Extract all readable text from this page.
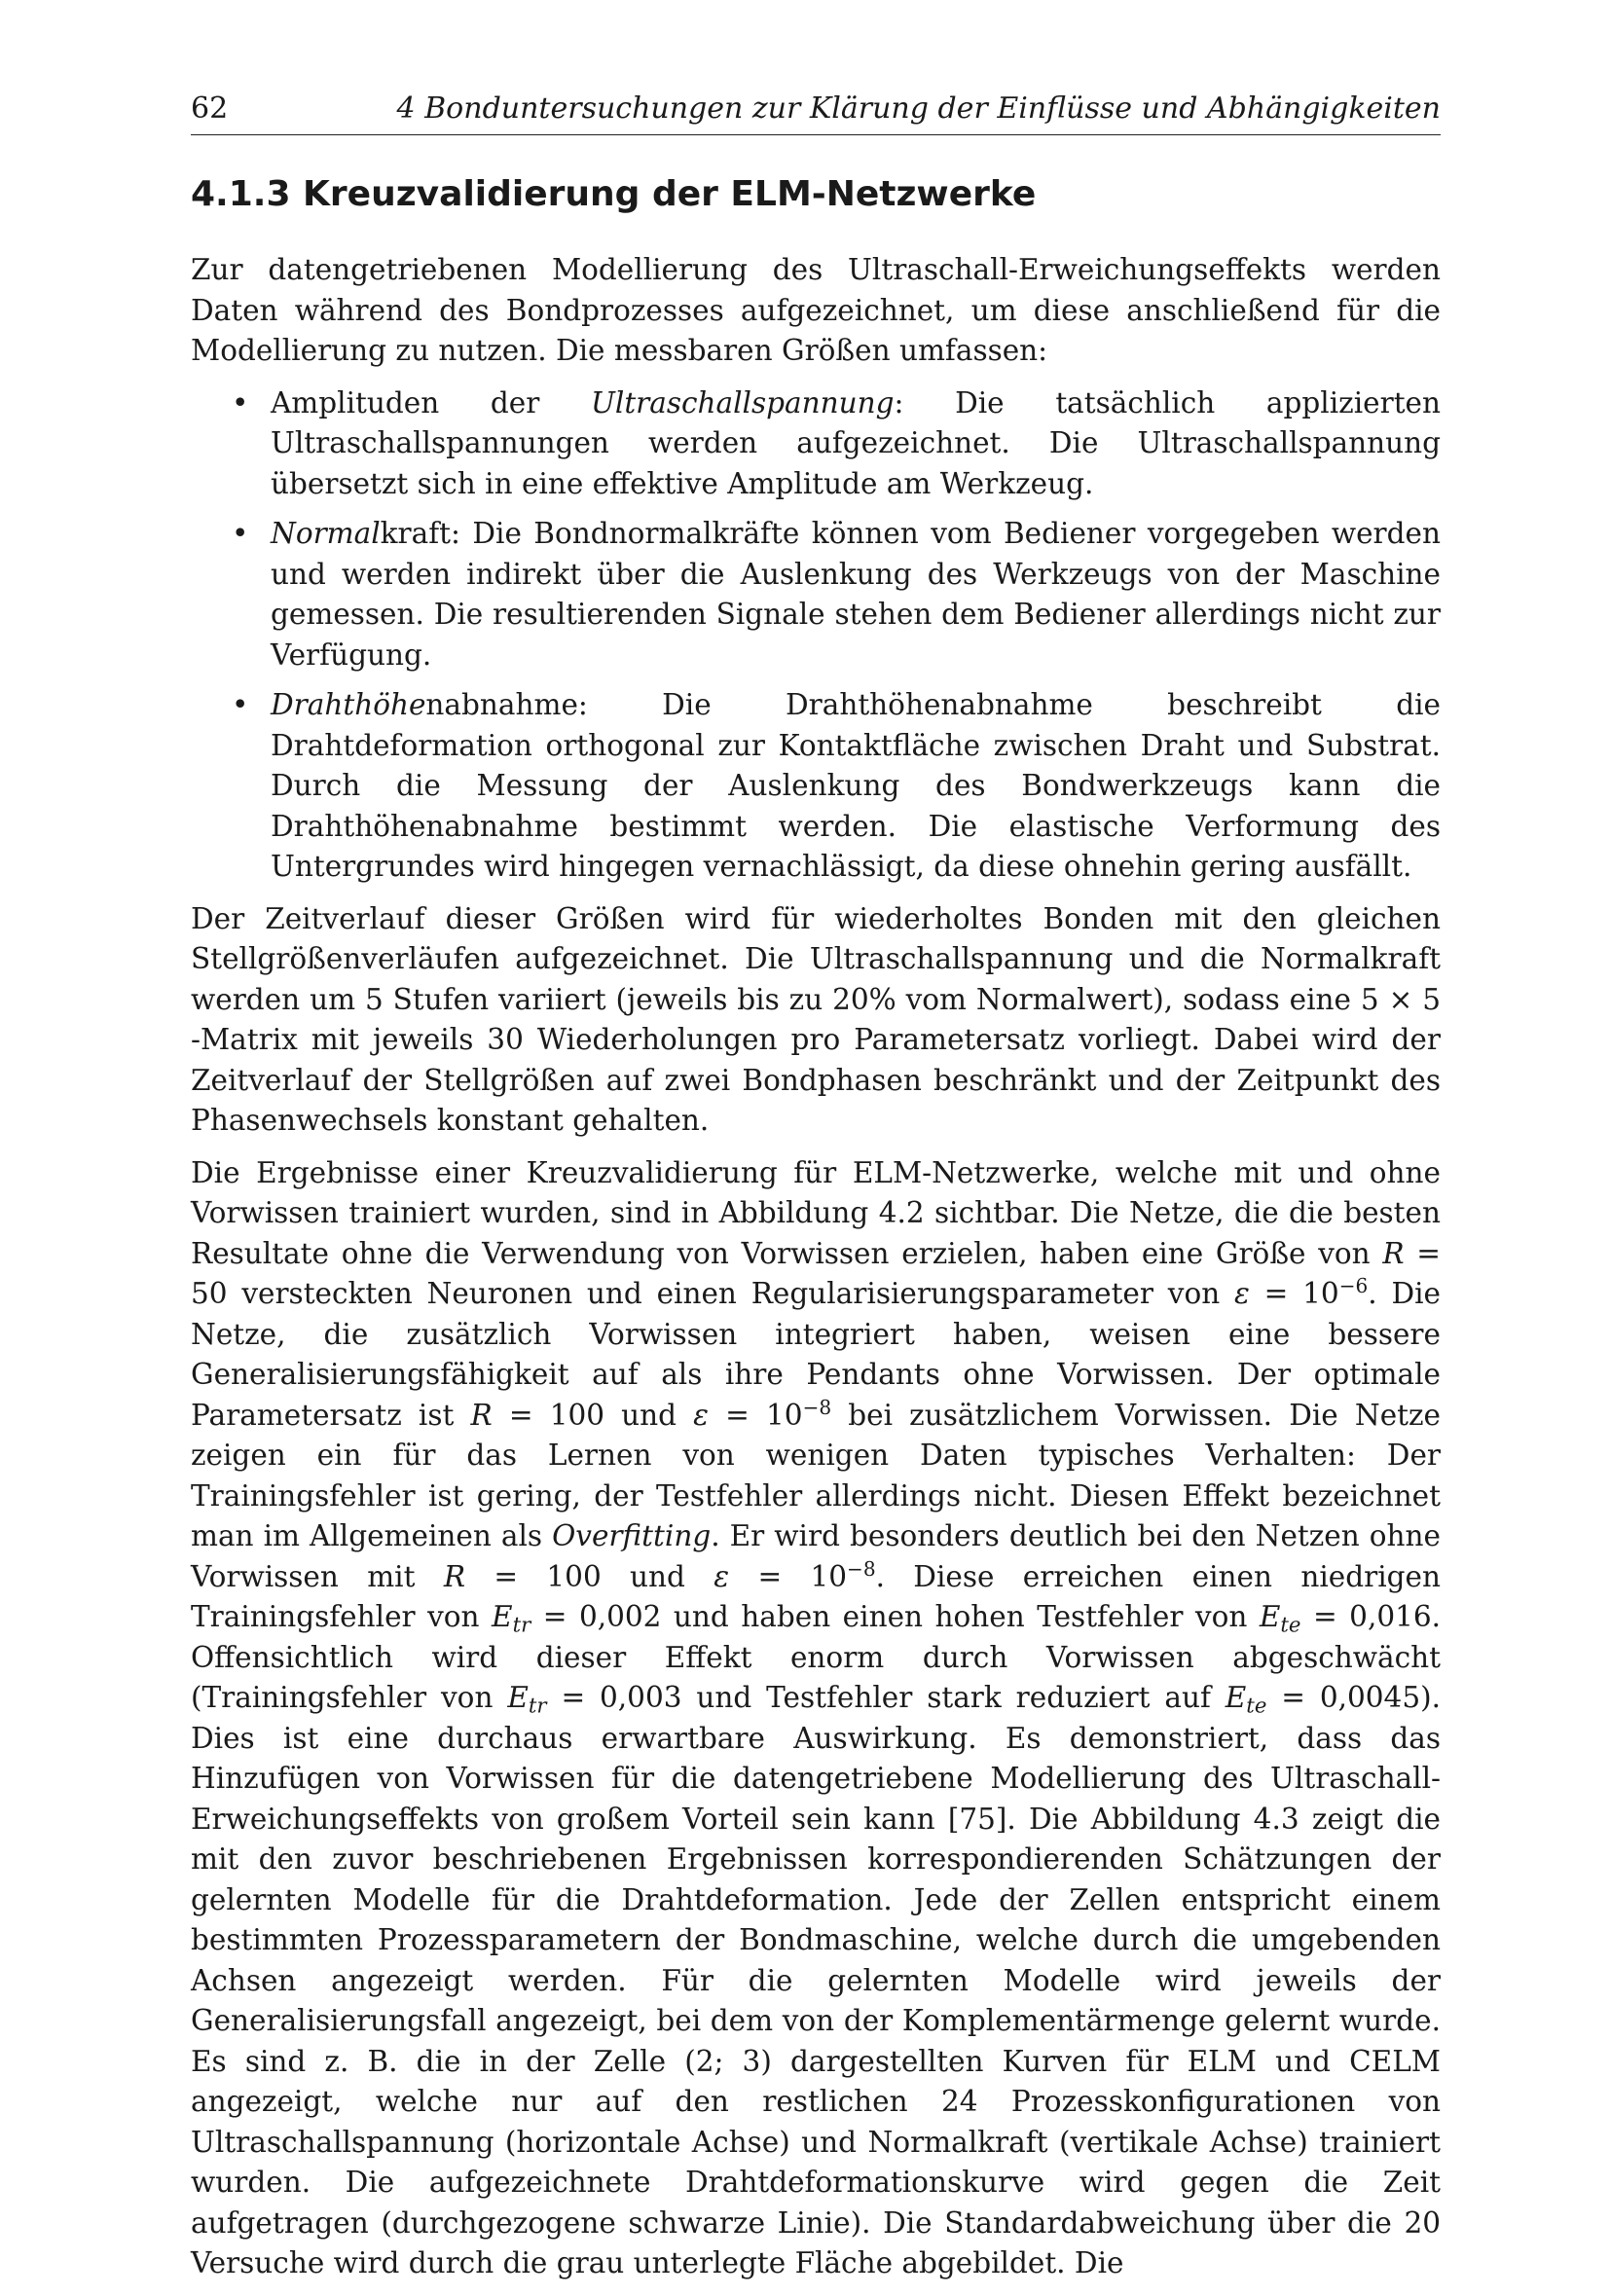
62	4 Bonduntersuchungen zur Klärung der Einflüsse und Abhängigkeiten
4.1.3 Kreuzvalidierung der ELM-Netzwerke

Zur datengetriebenen Modellierung des Ultraschall-Erweichungseffekts werden Daten während des Bondprozesses aufgezeichnet, um diese anschließend für die Modellierung zu nutzen. Die messbaren Größen umfassen:

• Amplituden der Ultraschallspannung: Die tatsächlich applizierten Ultraschallspannungen werden aufgezeichnet. Die Ultraschallspannung übersetzt sich in eine effektive Amplitude am Werkzeug.
• Normalkraft: Die Bondnormalkräfte können vom Bediener vorgegeben werden und werden indirekt über die Auslenkung des Werkzeugs von der Maschine gemessen. Die resultierenden Signale stehen dem Bediener allerdings nicht zur Verfügung.
• Drahthöhenabnahme: Die Drahthöhenabnahme beschreibt die Drahtdeformation orthogonal zur Kontaktfläche zwischen Draht und Substrat. Durch die Messung der Auslenkung des Bondwerkzeugs kann die Drahthöhenabnahme bestimmt werden. Die elastische Verformung des Untergrundes wird hingegen vernachlässigt, da diese ohnehin gering ausfällt.

Der Zeitverlauf dieser Größen wird für wiederholtes Bonden mit den gleichen Stellgrößenverläufen aufgezeichnet. Die Ultraschallspannung und die Normalkraft werden um 5 Stufen variiert (jeweils bis zu 20% vom Normalwert), sodass eine 5 × 5 -Matrix mit jeweils 30 Wiederholungen pro Parametersatz vorliegt. Dabei wird der Zeitverlauf der Stellgrößen auf zwei Bondphasen beschränkt und der Zeitpunkt des Phasenwechsels konstant gehalten.

Die Ergebnisse einer Kreuzvalidierung für ELM-Netzwerke, welche mit und ohne Vorwissen trainiert wurden, sind in Abbildung 4.2 sichtbar. Die Netze, die die besten Resultate ohne die Verwendung von Vorwissen erzielen, haben eine Größe von R = 50 versteckten Neuronen und einen Regularisierungsparameter von $\varepsilon = 10^{-6}$. Die Netze, die zusätzlich Vorwissen integriert haben, weisen eine bessere Generalisierungsfähigkeit auf als ihre Pendants ohne Vorwissen. Der optimale Parametersatz ist R = 100 und $\varepsilon = 10^{-8}$ bei zusätzlichem Vorwissen. Die Netze zeigen ein für das Lernen von wenigen Daten typisches Verhalten: Der Trainingsfehler ist gering, der Testfehler allerdings nicht. Diesen Effekt bezeichnet man im Allgemeinen als Overfitting. Er wird besonders deutlich bei den Netzen ohne Vorwissen mit R = 100 und $\varepsilon = 10^{-8}$. Diese erreichen einen niedrigen Trainingsfehler von $E_{tr} = 0,002$ und haben einen hohen Testfehler von $E_{te} = 0,016$. Offensichtlich wird dieser Effekt enorm durch Vorwissen abgeschwächt (Trainingsfehler von $E_{tr} = 0,003$ und Testfehler stark reduziert auf $E_{te} = 0,0045$). Dies ist eine durchaus erwartbare Auswirkung. Es demonstriert, dass das Hinzufügen von Vorwissen für die datengetriebene Modellierung des Ultraschall-Erweichungseffekts von großem Vorteil sein kann [75]. Die Abbildung 4.3 zeigt die mit den zuvor beschriebenen Ergebnissen korrespondierenden Schätzungen der gelernten Modelle für die Drahtdeformation. Jede der Zellen entspricht einem bestimmten Prozessparametern der Bondmaschine, welche durch die umgebenden Achsen angezeigt werden. Für die gelernten Modelle wird jeweils der Generalisierungsfall angezeigt, bei dem von der Komplementärmenge gelernt wurde. Es sind z. B. die in der Zelle (2; 3) dargestellten Kurven für ELM und CELM angezeigt, welche nur auf den restlichen 24 Prozesskonfigurationen von Ultraschallspannung (horizontale Achse) und Normalkraft (vertikale Achse) trainiert wurden. Die aufgezeichnete Drahtdeformationskurve wird gegen die Zeit aufgetragen (durchgezogene schwarze Linie). Die Standardabweichung über die 20 Versuche wird durch die grau unterlegte Fläche abgebildet. Die
